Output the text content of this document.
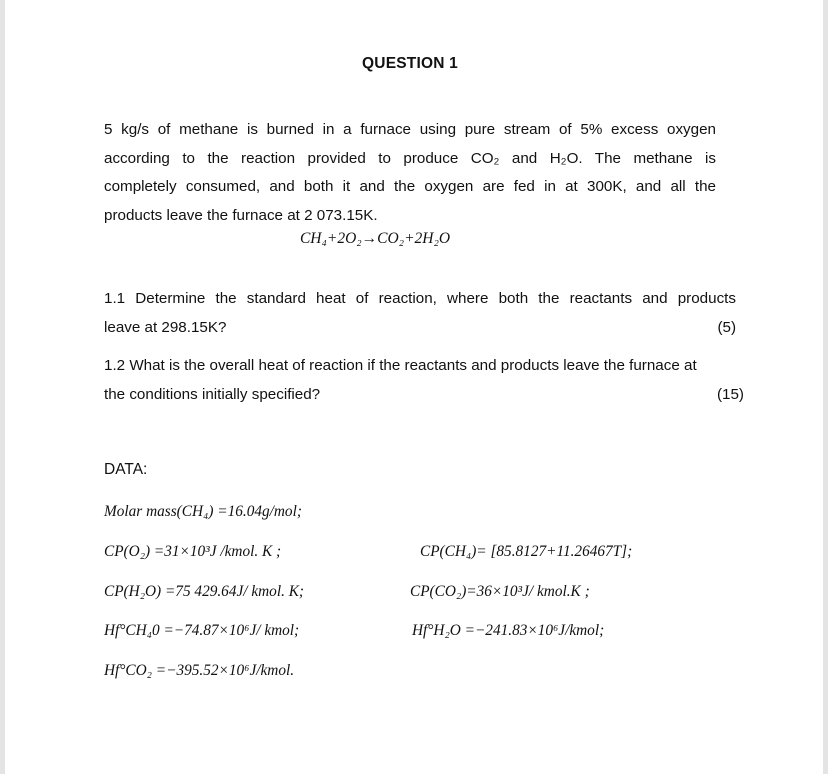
QUESTION 1
5 kg/s of methane is burned in a furnace using pure stream of 5% excess oxygen
according to the reaction provided to produce CO₂ and H₂O. The methane is
completely consumed, and both it and the oxygen are fed in at 300K, and all the
products leave the furnace at 2 073.15K.
CH₄+2O₂→CO₂+2H₂O
1.1 Determine the standard heat of reaction, where both the reactants and products
leave at 298.15K?	(5)
1.2 What is the overall heat of reaction if the reactants and products leave the furnace at
the conditions initially specified?	(15)
DATA:
Molar mass(CH₄) =16.04g/mol;
CP(O₂) =31×10³J /kmol. K ;	CP(CH₄)= [85.8127+11.26467T];
CP(H₂O) =75 429.64J/ kmol. K;	CP(CO₂)=36×10³J/ kmol.K ;
Hf°CH₄0 =−74.87×10⁶J/ kmol;	Hf°H₂O =−241.83×10⁶J/kmol;
Hf°CO₂ =−395.52×10⁶J/kmol.
